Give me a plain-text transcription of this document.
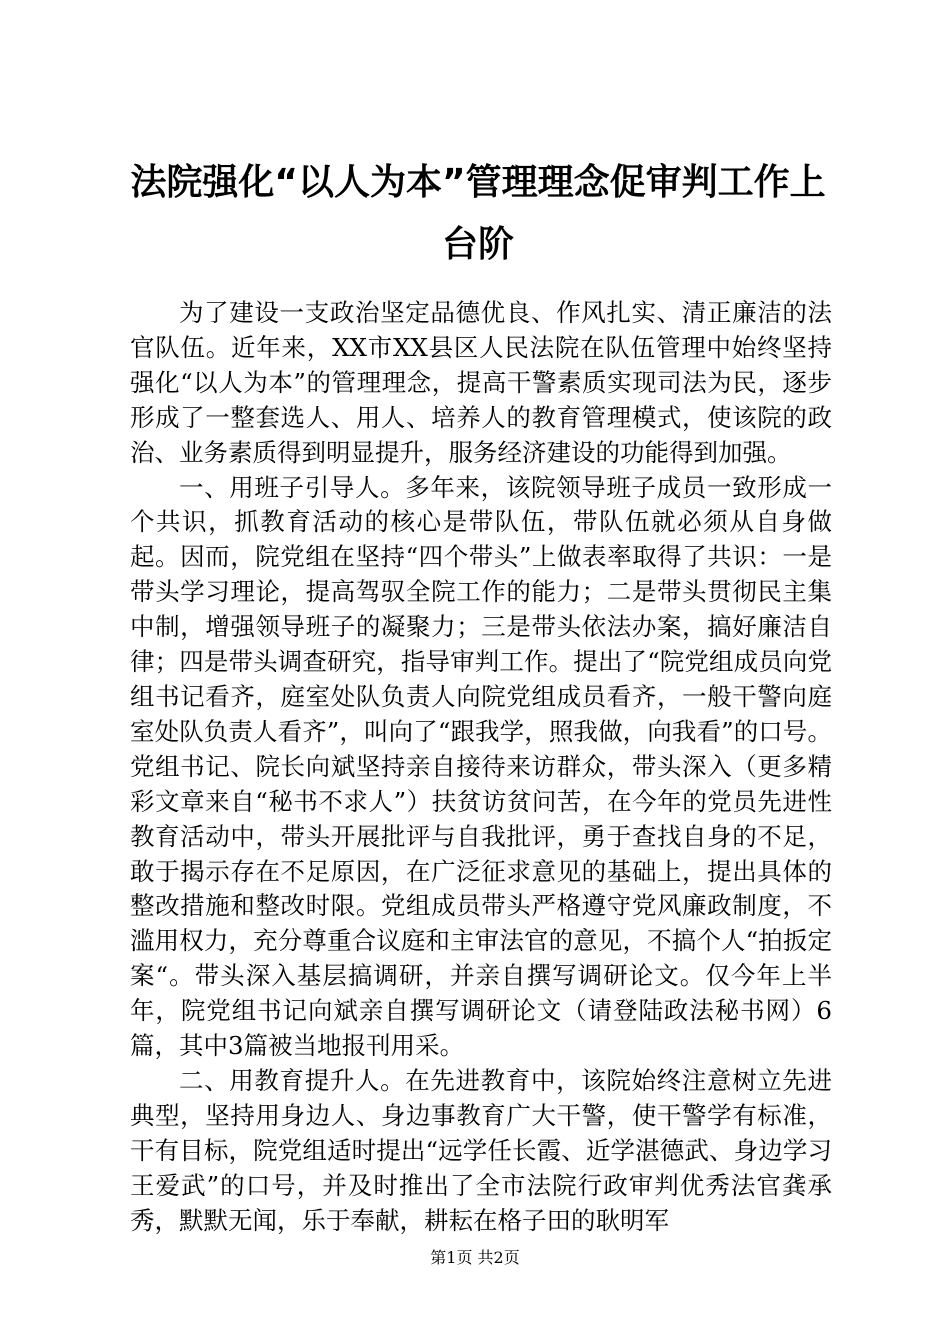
法院强化“以人为本”管理理念促审判工作上台阶

为了建设一支政治坚定品德优良、作风扎实、清正廉洁的法官队伍。近年来，XX市XX县区人民法院在队伍管理中始终坚持强化“以人为本”的管理理念，提高干警素质实现司法为民，逐步形成了一整套选人、用人、培养人的教育管理模式，使该院的政治、业务素质得到明显提升，服务经济建设的功能得到加强。

一、用班子引导人。多年来，该院领导班子成员一致形成一个共识，抓教育活动的核心是带队伍，带队伍就必须从自身做起。因而，院党组在坚持“四个带头”上做表率取得了共识：一是带头学习理论，提高驾驭全院工作的能力；二是带头贯彻民主集中制，增强领导班子的凝聚力；三是带头依法办案，搞好廉洁自律；四是带头调查研究，指导审判工作。提出了“院党组成员向党组书记看齐，庭室处队负责人向院党组成员看齐，一般干警向庭室处队负责人看齐”，叫向了“跟我学，照我做，向我看”的口号。党组书记、院长向斌坚持亲自接待来访群众，带头深入（更多精彩文章来自“秘书不求人”）扶贫访贫问苦，在今年的党员先进性教育活动中，带头开展批评与自我批评，勇于查找自身的不足，敢于揭示存在不足原因，在广泛征求意见的基础上，提出具体的整改措施和整改时限。党组成员带头严格遵守党风廉政制度，不滥用权力，充分尊重合议庭和主审法官的意见，不搞个人“拍扳定案“。带头深入基层搞调研，并亲自撰写调研论文。仅今年上半年，院党组书记向斌亲自撰写调研论文（请登陆政法秘书网）6篇，其中3篇被当地报刊用采。

二、用教育提升人。在先进教育中，该院始终注意树立先进典型，坚持用身边人、身边事教育广大干警，使干警学有标准，干有目标，院党组适时提出“远学任长霞、近学湛德武、身边学习王爱武”的口号，并及时推出了全市法院行政审判优秀法官龚承秀，默默无闻，乐于奉献，耕耘在格子田的耿明军

第1页 共2页
